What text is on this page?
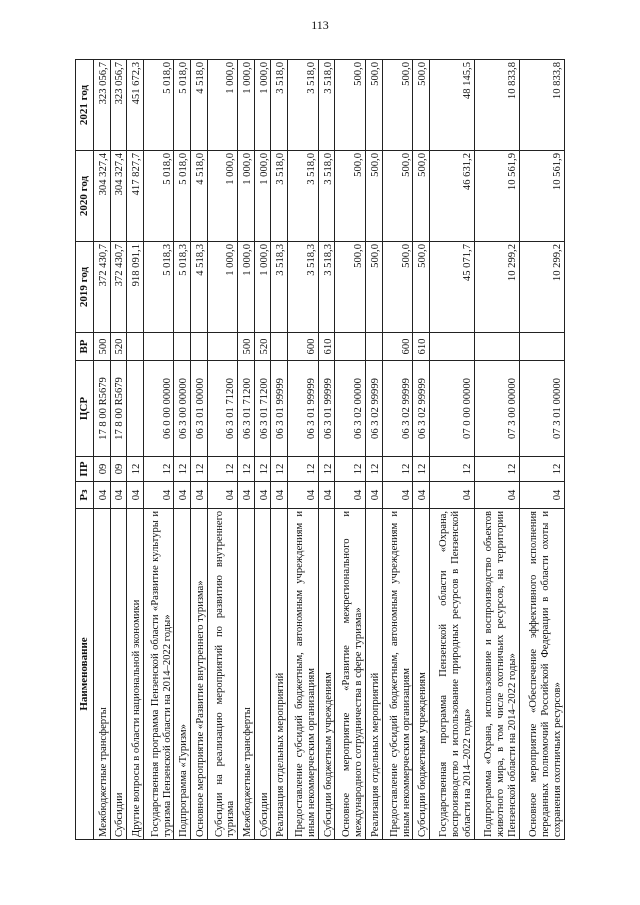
113
Наименование	Рз	ПР	ЦСР	ВР	2019 год	2020 год	2021 год
Межбюджетные трансферты	04	09	17 8 00 R5679	500	372 430,7	304 327,4	323 056,7
Субсидии	04	09	17 8 00 R5679	520	372 430,7	304 327,4	323 056,7
Другие вопросы в области национальной экономики	04	12			918 091,1	417 827,7	451 672,3
Государственная программа Пензенской области «Развитие культуры и туризма Пензенской области на 2014–2022 годы»	04	12	06 0 00 00000		5 018,3	5 018,0	5 018,0
Подпрограмма «Туризм»	04	12	06 3 00 00000		5 018,3	5 018,0	5 018,0
Основное мероприятие «Развитие внутреннего туризма»	04	12	06 3 01 00000		4 518,3	4 518,0	4 518,0
Субсидии на реализацию мероприятий по развитию внутреннего туризма	04	12	06 3 01 71200		1 000,0	1 000,0	1 000,0
Межбюджетные трансферты	04	12	06 3 01 71200	500	1 000,0	1 000,0	1 000,0
Субсидии	04	12	06 3 01 71200	520	1 000,0	1 000,0	1 000,0
Реализация отдельных мероприятий	04	12	06 3 01 99999		3 518,3	3 518,0	3 518,0
Предоставление субсидий бюджетным, автономным учреждениям и иным некоммерческим организациям	04	12	06 3 01 99999	600	3 518,3	3 518,0	3 518,0
Субсидии бюджетным учреждениям	04	12	06 3 01 99999	610	3 518,3	3 518,0	3 518,0
Основное мероприятие «Развитие межрегионального и международного сотрудничества в сфере туризма»	04	12	06 3 02 00000		500,0	500,0	500,0
Реализация отдельных мероприятий	04	12	06 3 02 99999		500,0	500,0	500,0
Предоставление субсидий бюджетным, автономным учреждениям и иным некоммерческим организациям	04	12	06 3 02 99999	600	500,0	500,0	500,0
Субсидии бюджетным учреждениям	04	12	06 3 02 99999	610	500,0	500,0	500,0
Государственная программа Пензенской области «Охрана, воспроизводство и использование природных ресурсов в Пензенской области на 2014–2022 годы»	04	12	07 0 00 00000		45 071,7	46 631,2	48 145,5
Подпрограмма «Охрана, использование и воспроизводство объектов животного мира, в том числе охотничьих ресурсов, на территории Пензенской области на 2014–2022 годы»	04	12	07 3 00 00000		10 299,2	10 561,9	10 833,8
Основное мероприятие «Обеспечение эффективного исполнения переданных полномочий Российской Федерации в области охоты и сохранения охотничьих ресурсов»	04	12	07 3 01 00000		10 299,2	10 561,9	10 833,8
